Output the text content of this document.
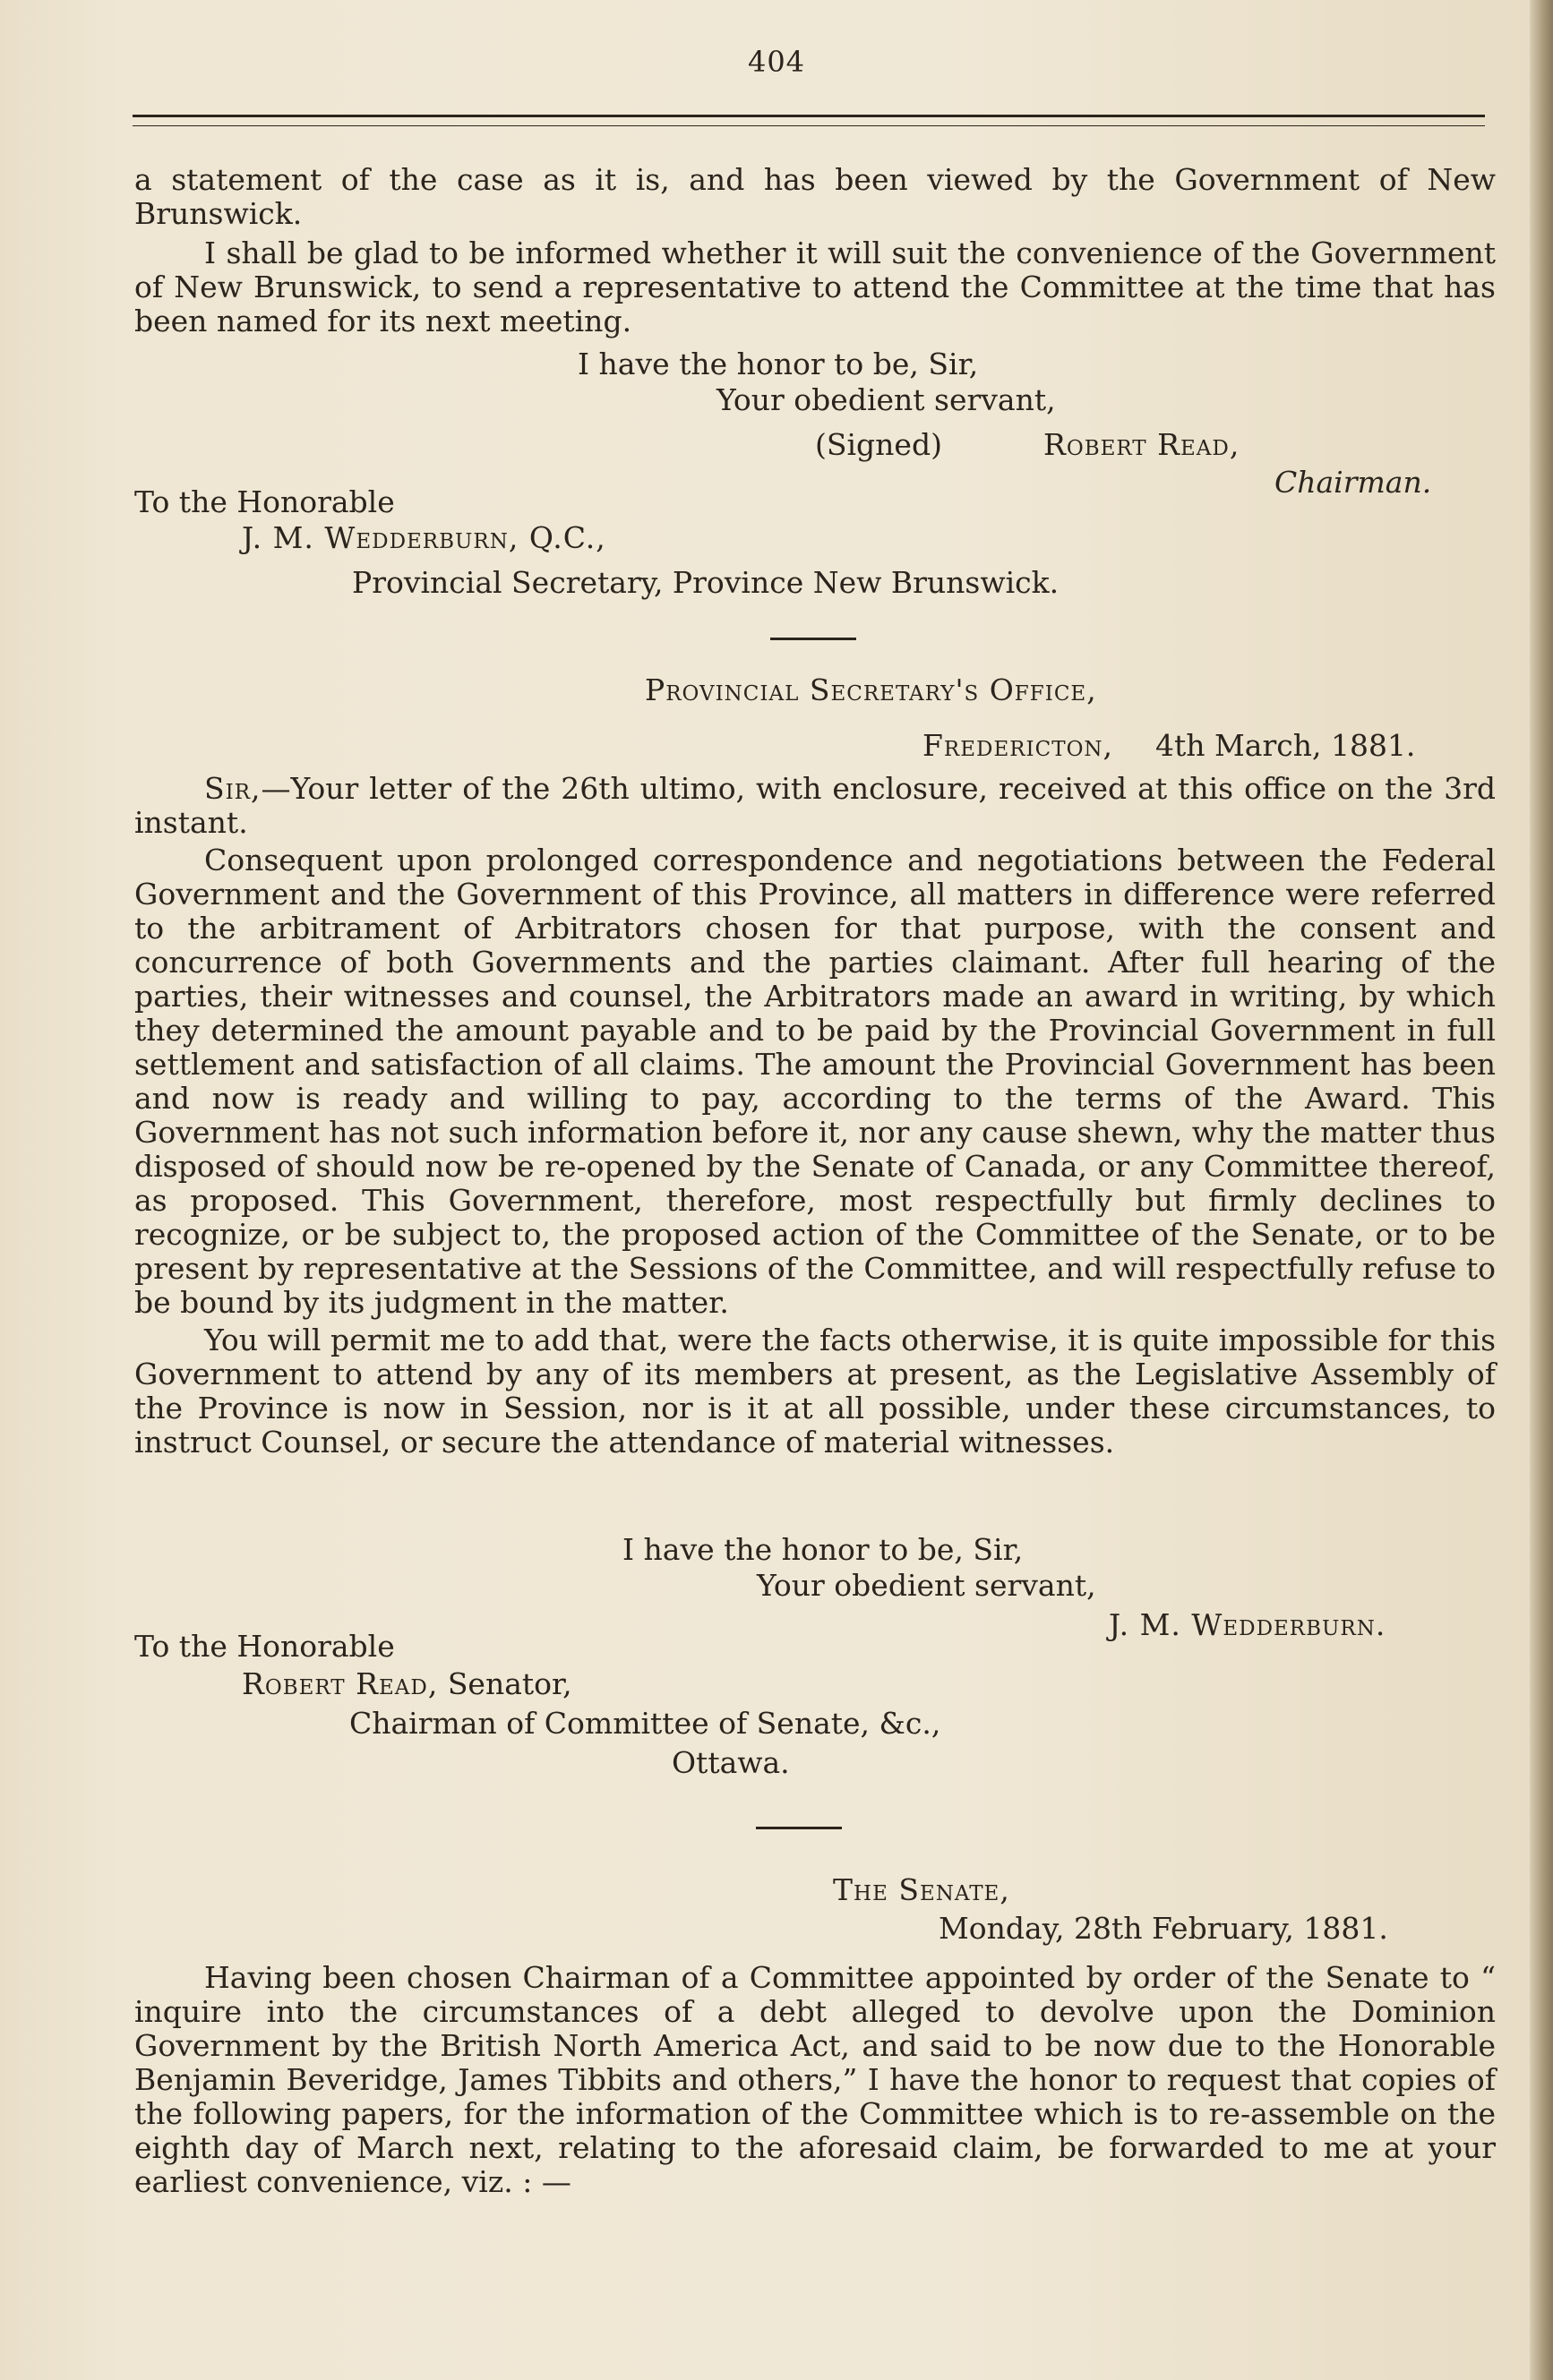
404

a statement of the case as it is, and has been viewed by the Government of New Brunswick.

I shall be glad to be informed whether it will suit the convenience of the Government of New Brunswick, to send a representative to attend the Committee at the time that has been named for its next meeting.

I have the honor to be, Sir,
Your obedient servant,
(Signed)	Robert Read,
Chairman.
To the Honorable
J. M. Wedderburn, Q.C.,
Provincial Secretary, Province New Brunswick.
Provincial Secretary's Office,
Fredericton, 4th March, 1881.

Sir,—Your letter of the 26th ultimo, with enclosure, received at this office on the 3rd instant.

Consequent upon prolonged correspondence and negotiations between the Federal Government and the Government of this Province, all matters in difference were referred to the arbitrament of Arbitrators chosen for that purpose, with the consent and concurrence of both Governments and the parties claimant. After full hearing of the parties, their witnesses and counsel, the Arbitrators made an award in writing, by which they determined the amount payable and to be paid by the Provincial Government in full settlement and satisfaction of all claims. The amount the Provincial Government has been and now is ready and willing to pay, according to the terms of the Award. This Government has not such information before it, nor any cause shewn, why the matter thus disposed of should now be re-opened by the Senate of Canada, or any Committee thereof, as proposed. This Government, therefore, most respectfully but firmly declines to recognize, or be subject to, the proposed action of the Committee of the Senate, or to be present by representative at the Sessions of the Committee, and will respectfully refuse to be bound by its judgment in the matter.

You will permit me to add that, were the facts otherwise, it is quite impossible for this Government to attend by any of its members at present, as the Legislative Assembly of the Province is now in Session, nor is it at all possible, under these circumstances, to instruct Counsel, or secure the attendance of material witnesses.

I have the honor to be, Sir,
Your obedient servant,
J. M. Wedderburn.
To the Honorable
Robert Read, Senator,
Chairman of Committee of Senate, &c.,
Ottawa.
The Senate,
Monday, 28th February, 1881.

Having been chosen Chairman of a Committee appointed by order of the Senate to “ inquire into the circumstances of a debt alleged to devolve upon the Dominion Government by the British North America Act, and said to be now due to the Honorable Benjamin Beveridge, James Tibbits and others,” I have the honor to request that copies of the following papers, for the information of the Committee which is to re-assemble on the eighth day of March next, relating to the aforesaid claim, be forwarded to me at your earliest convenience, viz. : —
